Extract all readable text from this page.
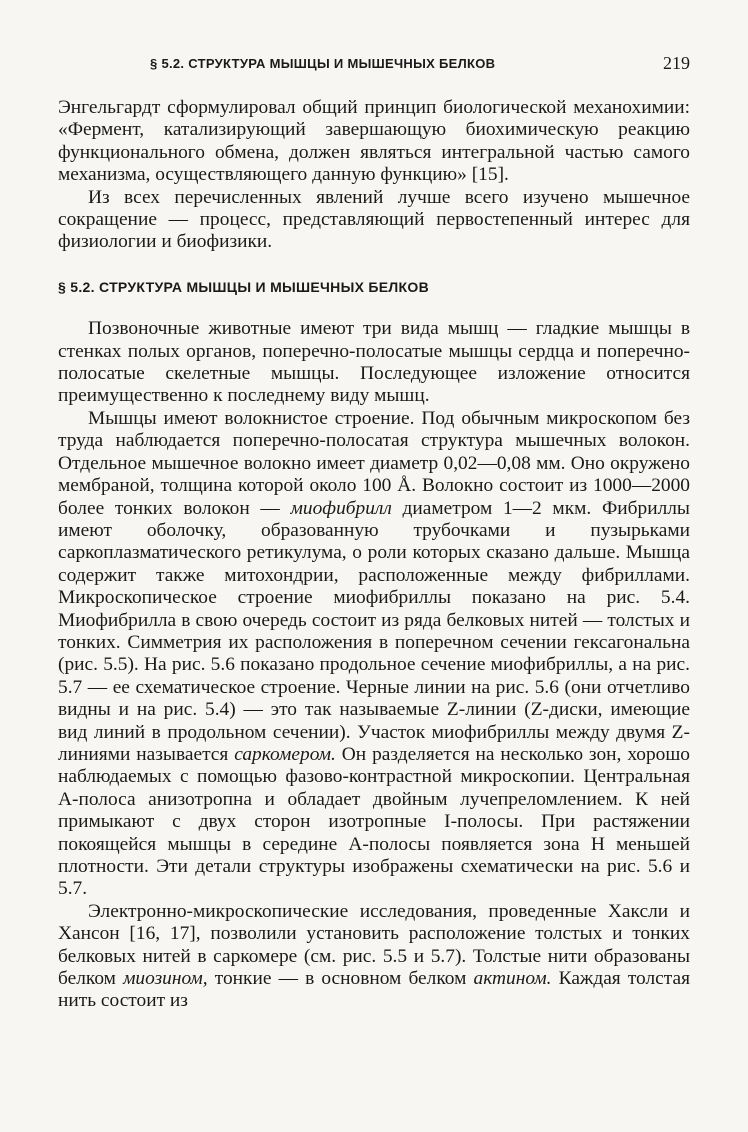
§ 5.2. СТРУКТУРА МЫШЦЫ И МЫШЕЧНЫХ БЕЛКОВ	219

Энгельгардт сформулировал общий принцип биологической механохимии: «Фермент, катализирующий завершающую биохимическую реакцию функционального обмена, должен являться интегральной частью самого механизма, осуществляющего данную функцию» [15].

Из всех перечисленных явлений лучше всего изучено мышечное сокращение — процесс, представляющий первостепенный интерес для физиологии и биофизики.

§ 5.2. СТРУКТУРА МЫШЦЫ И МЫШЕЧНЫХ БЕЛКОВ

Позвоночные животные имеют три вида мышц — гладкие мышцы в стенках полых органов, поперечно-полосатые мышцы сердца и поперечно-полосатые скелетные мышцы. Последующее изложение относится преимущественно к последнему виду мышц.

Мышцы имеют волокнистое строение. Под обычным микроскопом без труда наблюдается поперечно-полосатая структура мышечных волокон. Отдельное мышечное волокно имеет диаметр 0,02—0,08 мм. Оно окружено мембраной, толщина которой около 100 Å. Волокно состоит из 1000—2000 более тонких волокон — миофибрилл диаметром 1—2 мкм. Фибриллы имеют оболочку, образованную трубочками и пузырьками саркоплазматического ретикулума, о роли которых сказано дальше. Мышца содержит также митохондрии, расположенные между фибриллами. Микроскопическое строение миофибриллы показано на рис. 5.4. Миофибрилла в свою очередь состоит из ряда белковых нитей — толстых и тонких. Симметрия их расположения в поперечном сечении гексагональна (рис. 5.5). На рис. 5.6 показано продольное сечение миофибриллы, а на рис. 5.7 — ее схематическое строение. Черные линии на рис. 5.6 (они отчетливо видны и на рис. 5.4) — это так называемые Z-линии (Z-диски, имеющие вид линий в продольном сечении). Участок миофибриллы между двумя Z-линиями называется саркомером. Он разделяется на несколько зон, хорошо наблюдаемых с помощью фазово-контрастной микроскопии. Центральная А-полоса анизотропна и обладает двойным лучепреломлением. К ней примыкают с двух сторон изотропные I-полосы. При растяжении покоящейся мышцы в середине А-полосы появляется зона H меньшей плотности. Эти детали структуры изображены схематически на рис. 5.6 и 5.7.

Электронно-микроскопические исследования, проведенные Хаксли и Хансон [16, 17], позволили установить расположение толстых и тонких белковых нитей в саркомере (см. рис. 5.5 и 5.7). Толстые нити образованы белком миозином, тонкие — в основном белком актином. Каждая толстая нить состоит из
